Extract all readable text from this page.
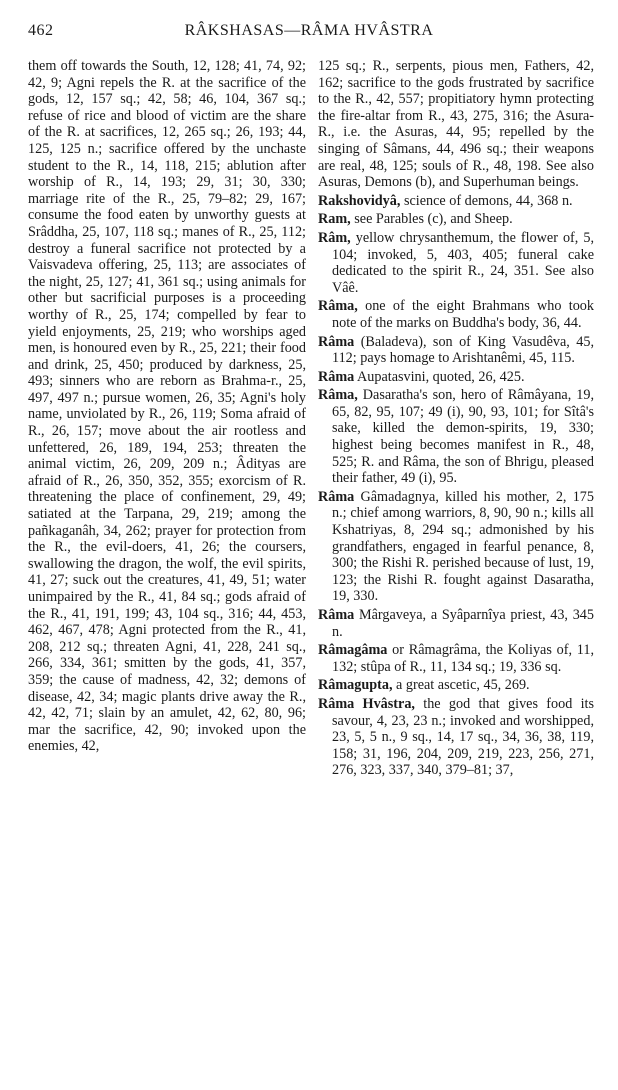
462	RÂKSHASAS—RÂMA HVÂSTRA

them off towards the South, 12, 128; 41, 74, 92; 42, 9; Agni repels the R. at the sacrifice of the gods, 12, 157 sq.; 42, 58; 46, 104, 367 sq.; refuse of rice and blood of victim are the share of the R. at sacrifices, 12, 265 sq.; 26, 193; 44, 125, 125 n.; sacrifice offered by the unchaste student to the R., 14, 118, 215; ablution after worship of R., 14, 193; 29, 31; 30, 330; marriage rite of the R., 25, 79–82; 29, 167; consume the food eaten by unworthy guests at Srâddha, 25, 107, 118 sq.; manes of R., 25, 112; destroy a funeral sacrifice not protected by a Vaisvadeva offering, 25, 113; are associates of the night, 25, 127; 41, 361 sq.; using animals for other but sacrificial purposes is a proceeding worthy of R., 25, 174; compelled by fear to yield enjoyments, 25, 219; who worships aged men, is honoured even by R., 25, 221; their food and drink, 25, 450; produced by darkness, 25, 493; sinners who are reborn as Brahma-r., 25, 497, 497 n.; pursue women, 26, 35; Agni's holy name, unviolated by R., 26, 119; Soma afraid of R., 26, 157; move about the air rootless and unfettered, 26, 189, 194, 253; threaten the animal victim, 26, 209, 209 n.; Âdityas are afraid of R., 26, 350, 352, 355; exorcism of R. threatening the place of confinement, 29, 49; satiated at the Tarpana, 29, 219; among the pañkaganâh, 34, 262; prayer for protection from the R., the evil-doers, 41, 26; the coursers, swallowing the dragon, the wolf, the evil spirits, 41, 27; suck out the creatures, 41, 49, 51; water unimpaired by the R., 41, 84 sq.; gods afraid of the R., 41, 191, 199; 43, 104 sq., 316; 44, 453, 462, 467, 478; Agni protected from the R., 41, 208, 212 sq.; threaten Agni, 41, 228, 241 sq., 266, 334, 361; smitten by the gods, 41, 357, 359; the cause of madness, 42, 32; demons of disease, 42, 34; magic plants drive away the R., 42, 42, 71; slain by an amulet, 42, 62, 80, 96; mar the sacrifice, 42, 90; invoked upon the enemies, 42,

125 sq.; R., serpents, pious men, Fathers, 42, 162; sacrifice to the gods frustrated by sacrifice to the R., 42, 557; propitiatory hymn protecting the fire-altar from R., 43, 275, 316; the Asura-R., i.e. the Asuras, 44, 95; repelled by the singing of Sâmans, 44, 496 sq.; their weapons are real, 48, 125; souls of R., 48, 198. See also Asuras, Demons (b), and Superhuman beings.

Rakshovidyâ, science of demons, 44, 368 n.

Ram, see Parables (c), and Sheep.

Râm, yellow chrysanthemum, the flower of, 5, 104; invoked, 5, 403, 405; funeral cake dedicated to the spirit R., 24, 351. See also Vâê.

Râma, one of the eight Brahmans who took note of the marks on Buddha's body, 36, 44.

Râma (Baladeva), son of King Vasudêva, 45, 112; pays homage to Arishtanêmi, 45, 115.

Râma Aupatasvini, quoted, 26, 425.

Râma, Dasaratha's son, hero of Râmâyana, 19, 65, 82, 95, 107; 49 (i), 90, 93, 101; for Sîtâ's sake, killed the demon-spirits, 19, 330; highest being becomes manifest in R., 48, 525; R. and Râma, the son of Bhrigu, pleased their father, 49 (i), 95.

Râma Gâmadagnya, killed his mother, 2, 175 n.; chief among warriors, 8, 90, 90 n.; kills all Kshatriyas, 8, 294 sq.; admonished by his grandfathers, engaged in fearful penance, 8, 300; the Rishi R. perished because of lust, 19, 123; the Rishi R. fought against Dasaratha, 19, 330.

Râma Mârgaveya, a Syâparnîya priest, 43, 345 n.

Râmagâma or Râmagrâma, the Koliyas of, 11, 132; stûpa of R., 11, 134 sq.; 19, 336 sq.

Râmagupta, a great ascetic, 45, 269.

Râma Hvâstra, the god that gives food its savour, 4, 23, 23 n.; invoked and worshipped, 23, 5, 5 n., 9 sq., 14, 17 sq., 34, 36, 38, 119, 158; 31, 196, 204, 209, 219, 223, 256, 271, 276, 323, 337, 340, 379–81; 37,
